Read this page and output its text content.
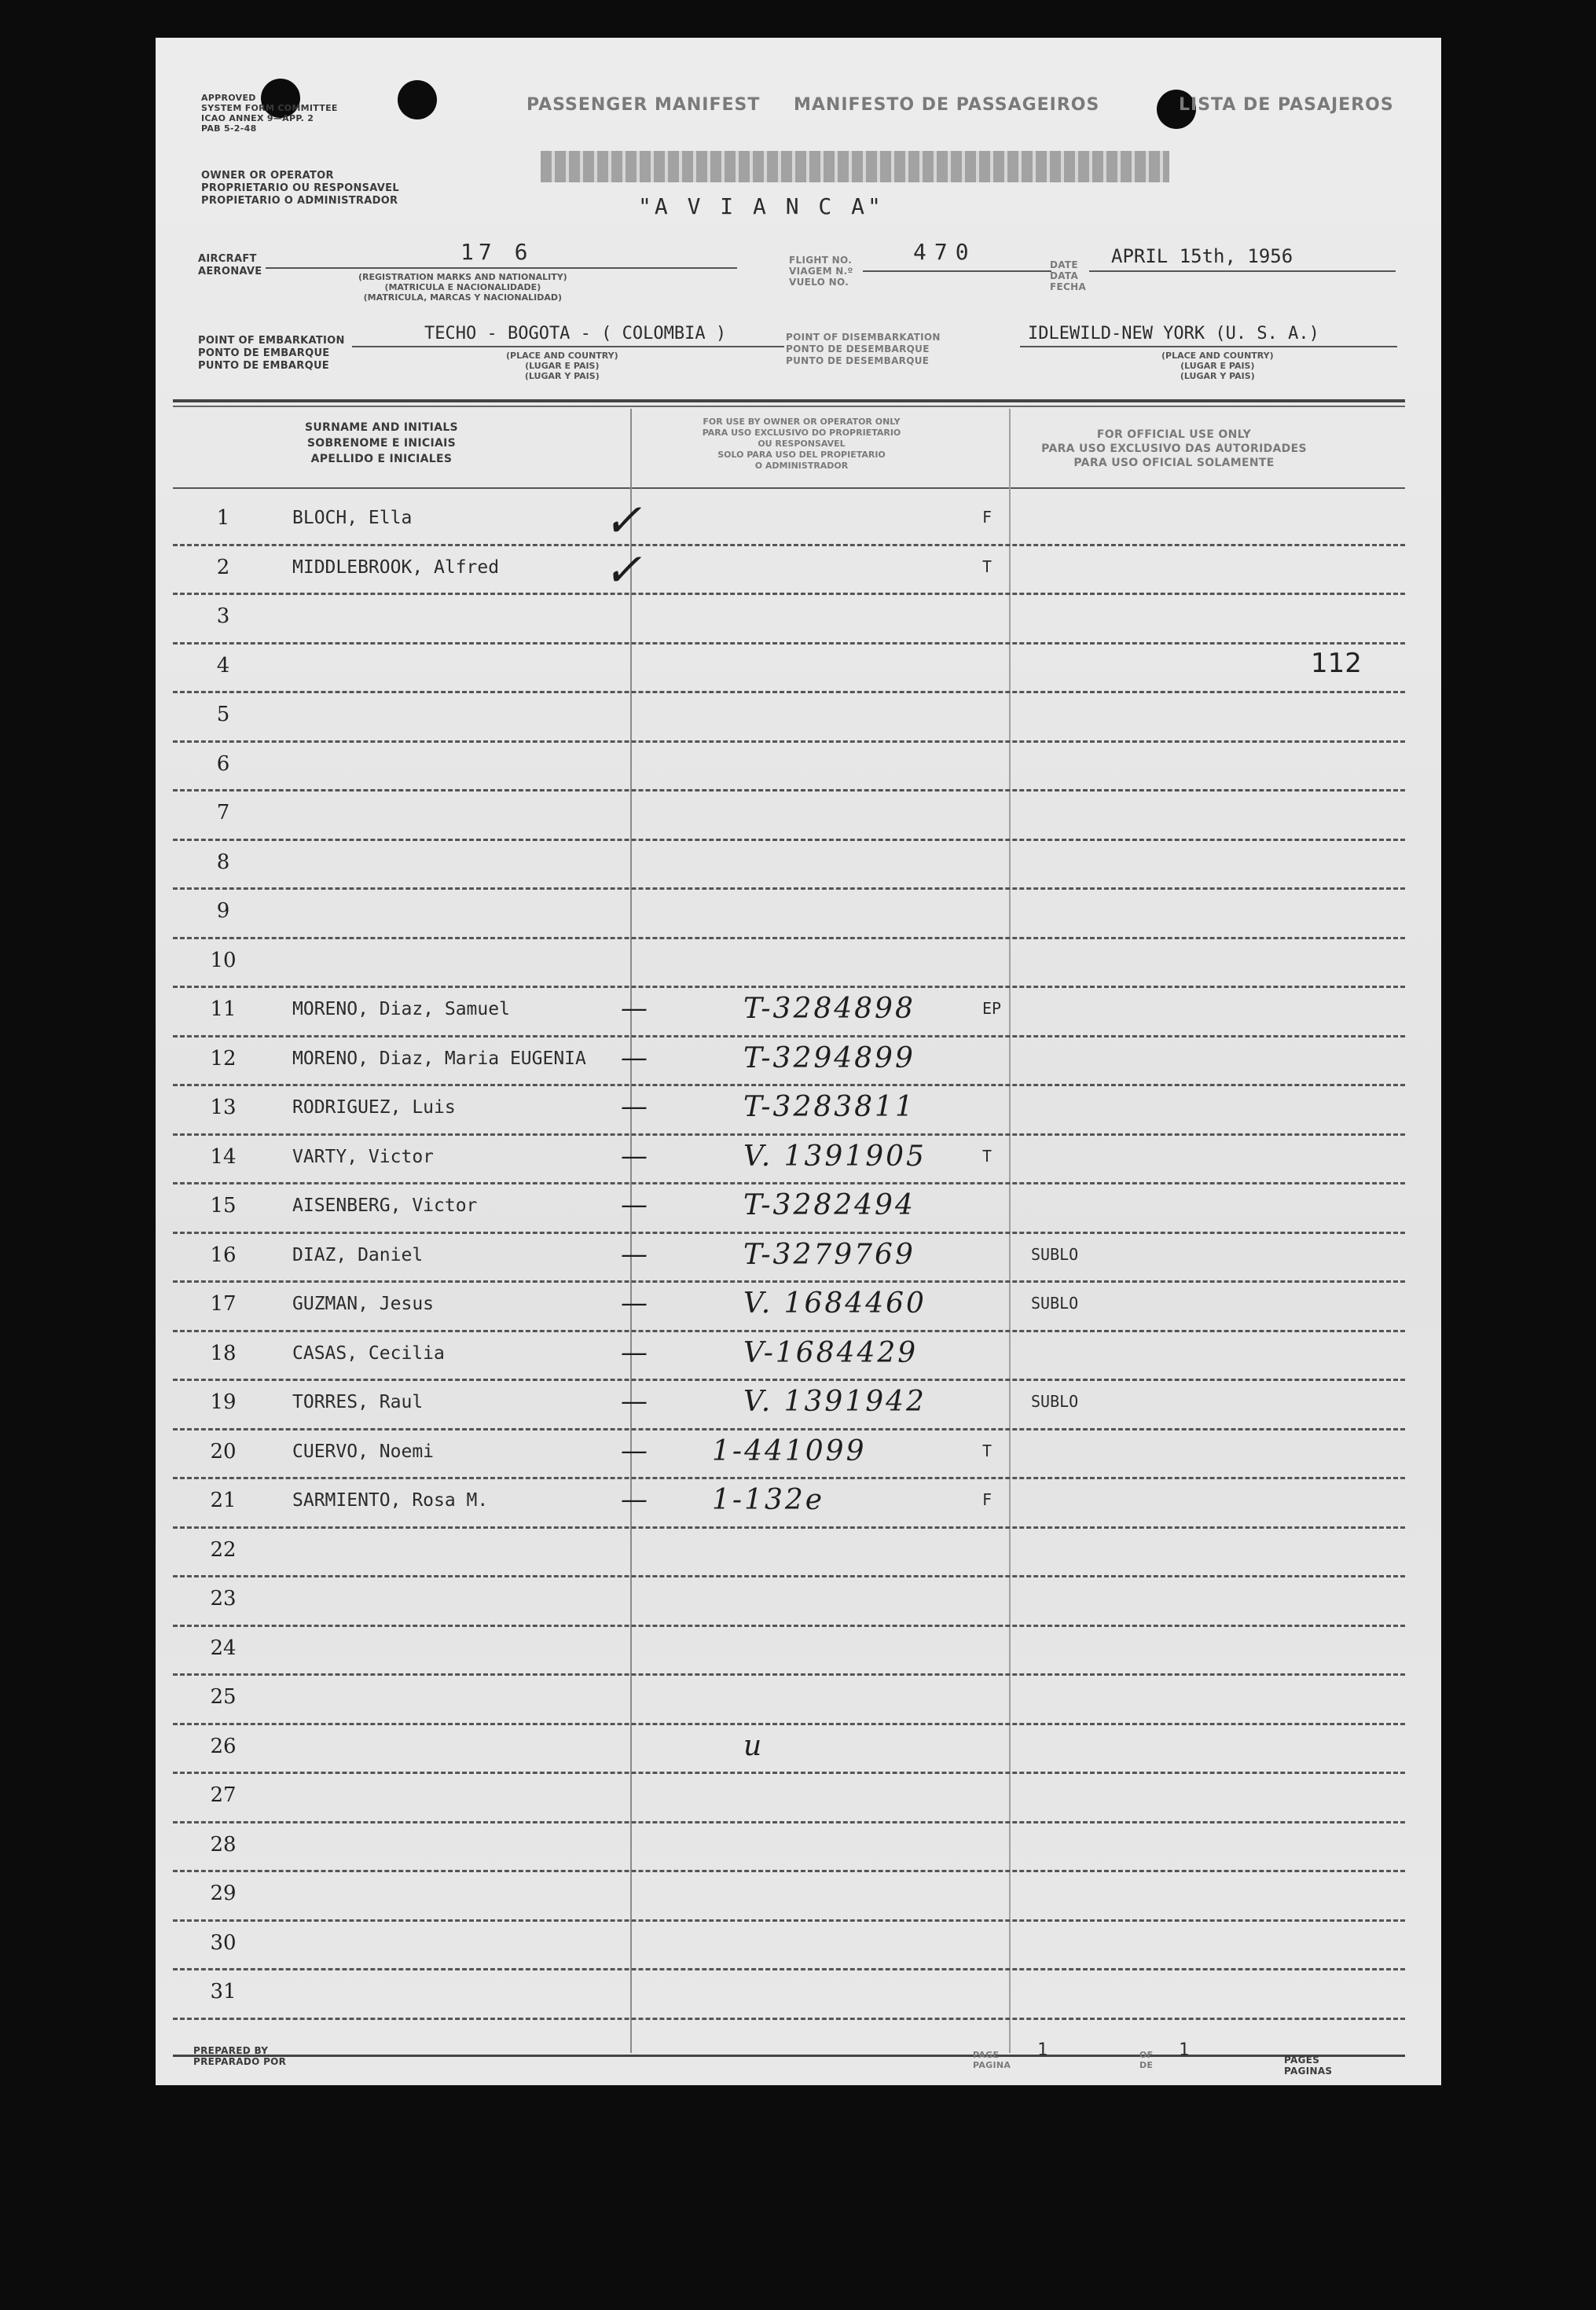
APPROVED
SYSTEM FORM COMMITTEE
ICAO ANNEX 9—APP. 2
PAB 5-2-48
OWNER OR OPERATOR
PROPRIETARIO OU RESPONSAVEL
PROPIETARIO O ADMINISTRADOR
PASSENGER MANIFEST MANIFESTO DE PASSAGEIROS	LISTA DE PASAJEROS
"A V I A N C A"
AIRCRAFT
AERONAVE
17 6
(REGISTRATION MARKS AND NATIONALITY)
(MATRICULA E NACIONALIDADE)
(MATRICULA, MARCAS Y NACIONALIDAD)
FLIGHT NO.
VIAGEM N.º
VUELO NO.
470	DATE
DATA
FECHA
APRIL 15th, 1956
POINT OF EMBARKATION
PONTO DE EMBARQUE
PUNTO DE EMBARQUE
TECHO - BOGOTA - ( COLOMBIA )
(PLACE AND COUNTRY)
(LUGAR E PAIS)
(LUGAR Y PAIS)
POINT OF DISEMBARKATION
PONTO DE DESEMBARQUE
PUNTO DE DESEMBARQUE
IDLEWILD-NEW YORK (U. S. A.)
(PLACE AND COUNTRY)
(LUGAR E PAIS)
(LUGAR Y PAIS)
SURNAME AND INITIALS
SOBRENOME E INICIAIS
APELLIDO E INICIALES
FOR USE BY OWNER OR OPERATOR ONLY
PARA USO EXCLUSIVO DO PROPRIETARIO
OU RESPONSAVEL
SOLO PARA USO DEL PROPIETARIO
O ADMINISTRADOR
FOR OFFICIAL USE ONLY
PARA USO EXCLUSIVO DAS AUTORIDADES
PARA USO OFICIAL SOLAMENTE
1	BLOCH, Ella	✓	F
2	MIDDLEBROOK, Alfred ✓	T
3
4	112
5
6
7
8
9
10
11	MORENO, Diaz, Samuel	—	T-3284898	EP
12	MORENO, Diaz, Maria EUGENIA —	T-3294899
13	RODRIGUEZ, Luis	—	T-3283811
14	VARTY, Victor	—	V. 1391905	T
15	AISENBERG, Victor	—	T-3282494
16	DIAZ, Daniel	—	T-3279769	SUBLO
17	GUZMAN, Jesus	—	V. 1684460	SUBLO
18	CASAS, Cecilia	—	V-1684429
19	TORRES, Raul	—	V. 1391942	SUBLO
20	CUERVO, Noemi	— 1-441099	T
21	SARMIENTO, Rosa M.	— 1-132e	F
22
23
24
25
26	u
27
28
29
30
31
PREPARED BY
PREPARADO POR
PAGE
PAGINA
1	OF
DE
1	PAGES
PAGINAS
